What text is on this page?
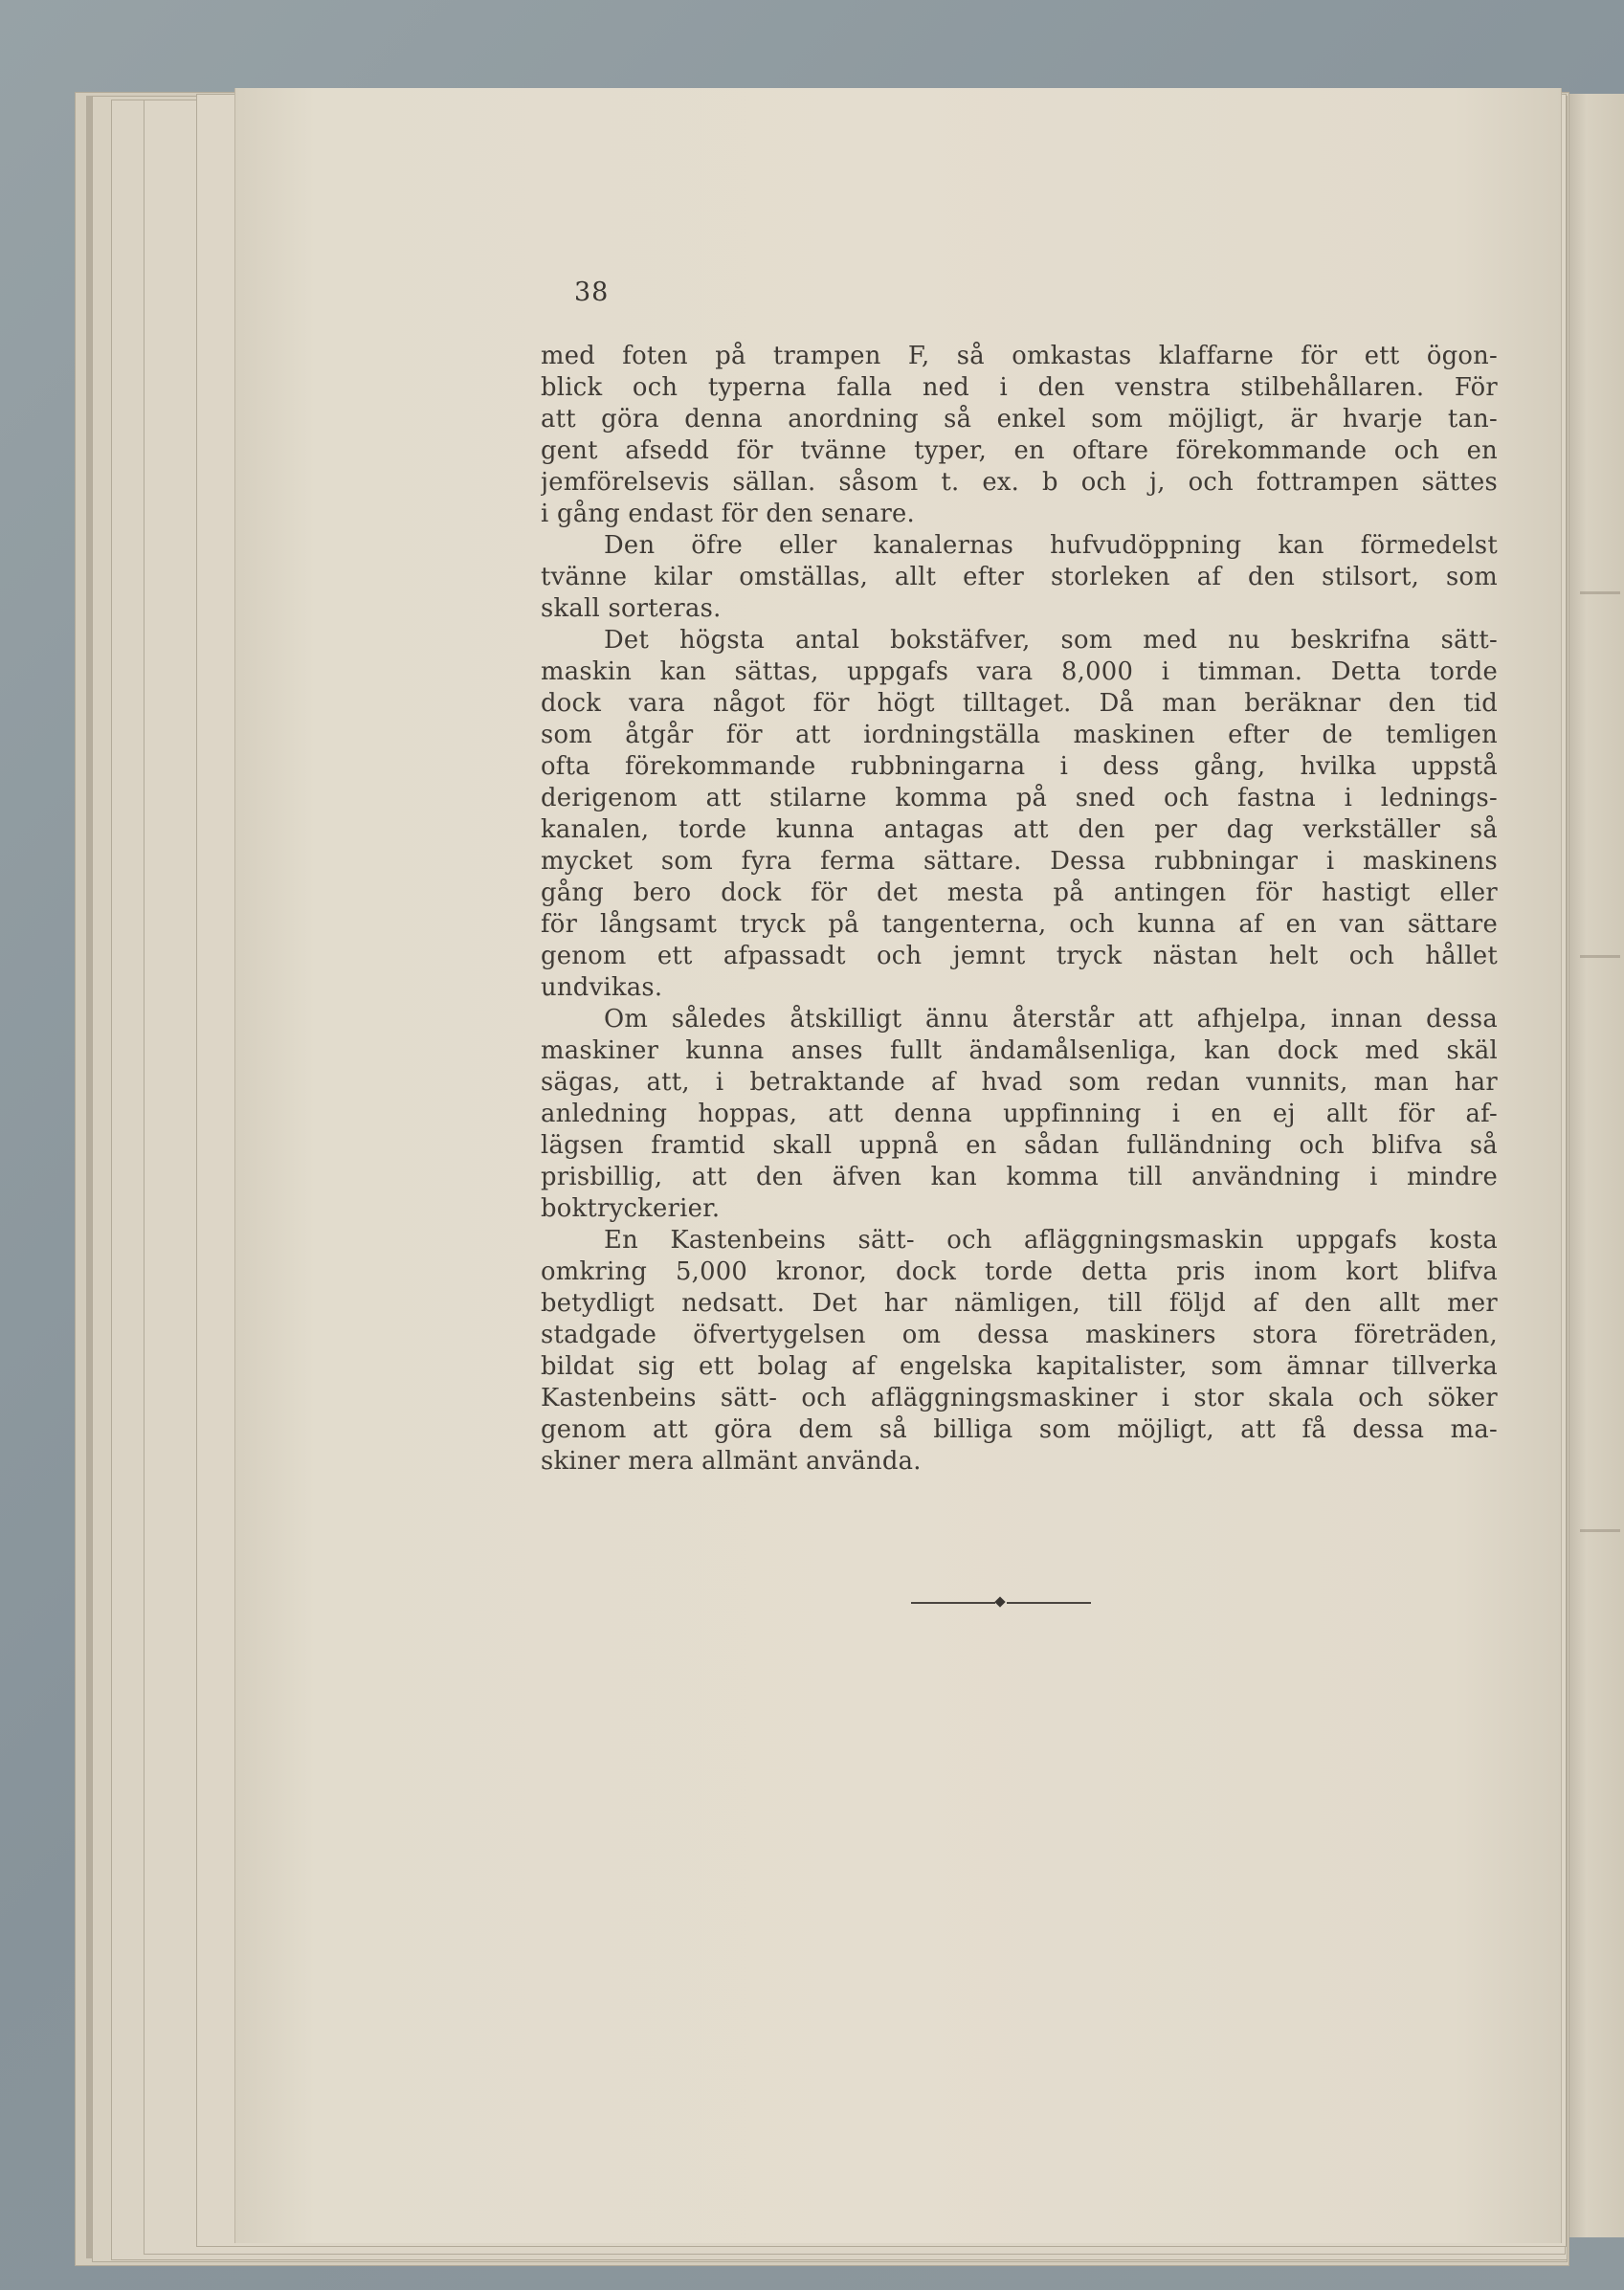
38
med foten på trampen F, så omkastas klaffarne för ett ögon-
blick och typerna falla ned i den venstra stilbehållaren. För
att göra denna anordning så enkel som möjligt, är hvarje tan-
gent afsedd för tvänne typer, en oftare förekommande och en
jemförelsevis sällan. såsom t. ex. b och j, och fottrampen sättes
i gång endast för den senare.
Den öfre eller kanalernas hufvudöppning kan förmedelst
tvänne kilar omställas, allt efter storleken af den stilsort, som
skall sorteras.
Det högsta antal bokstäfver, som med nu beskrifna sätt-
maskin kan sättas, uppgafs vara 8,000 i timman. Detta torde
dock vara något för högt tilltaget. Då man beräknar den tid
som åtgår för att iordningställa maskinen efter de temligen
ofta förekommande rubbningarna i dess gång, hvilka uppstå
derigenom att stilarne komma på sned och fastna i lednings-
kanalen, torde kunna antagas att den per dag verkställer så
mycket som fyra ferma sättare. Dessa rubbningar i maskinens
gång bero dock för det mesta på antingen för hastigt eller
för långsamt tryck på tangenterna, och kunna af en van sättare
genom ett afpassadt och jemnt tryck nästan helt och hållet
undvikas.
Om således åtskilligt ännu återstår att afhjelpa, innan dessa
maskiner kunna anses fullt ändamålsenliga, kan dock med skäl
sägas, att, i betraktande af hvad som redan vunnits, man har
anledning hoppas, att denna uppfinning i en ej allt för af-
lägsen framtid skall uppnå en sådan fulländning och blifva så
prisbillig, att den äfven kan komma till användning i mindre
boktryckerier.
En Kastenbeins sätt- och afläggningsmaskin uppgafs kosta
omkring 5,000 kronor, dock torde detta pris inom kort blifva
betydligt nedsatt. Det har nämligen, till följd af den allt mer
stadgade öfvertygelsen om dessa maskiners stora företräden,
bildat sig ett bolag af engelska kapitalister, som ämnar tillverka
Kastenbeins sätt- och afläggningsmaskiner i stor skala och söker
genom att göra dem så billiga som möjligt, att få dessa ma-
skiner mera allmänt använda.
